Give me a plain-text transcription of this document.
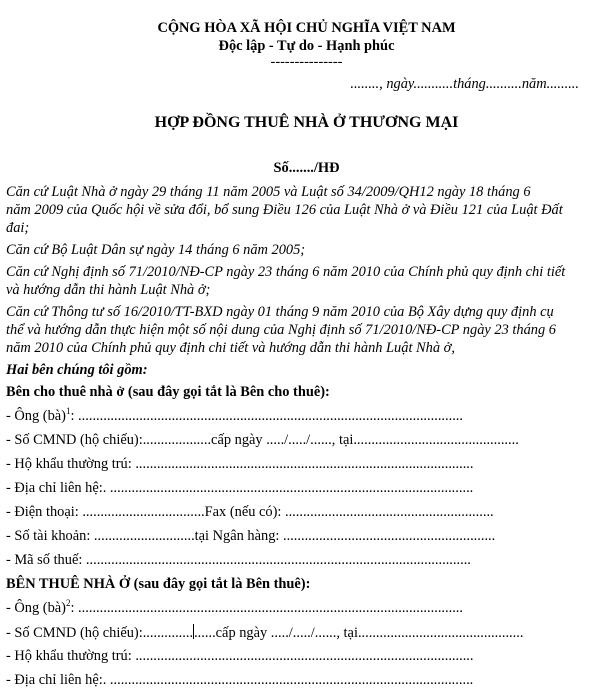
CỘNG HÒA XÃ HỘI CHỦ NGHĨA VIỆT NAM
Độc lập - Tự do - Hạnh phúc
---------------
........, ngày...........tháng..........năm.........
HỢP ĐỒNG THUÊ NHÀ Ở THƯƠNG MẠI
Số......./HĐ
Căn cứ Luật Nhà ở ngày 29 tháng 11 năm 2005 và Luật số 34/2009/QH12 ngày 18 tháng 6
năm 2009 của Quốc hội về sửa đổi, bổ sung Điều 126 của Luật Nhà ở và Điều 121 của Luật Đất
đai;
Căn cứ Bộ Luật Dân sự ngày 14 tháng 6 năm 2005;
Căn cứ Nghị định số 71/2010/NĐ-CP ngày 23 tháng 6 năm 2010 của Chính phủ quy định chi tiết
và hướng dẫn thi hành Luật Nhà ở;
Căn cứ Thông tư số 16/2010/TT-BXD ngày 01 tháng 9 năm 2010 của Bộ Xây dựng quy định cụ
thể và hướng dẫn thực hiện một số nội dung của Nghị định số 71/2010/NĐ-CP ngày 23 tháng 6
năm 2010 của Chính phủ quy định chi tiết và hướng dẫn thi hành Luật Nhà ở,
Hai bên chúng tôi gồm:
Bên cho thuê nhà ở (sau đây gọi tắt là Bên cho thuê):
- Ông (bà)$^1$: ...........................................................................................................
- Số CMND (hộ chiếu):...................cấp ngày ...../...../......, tại..............................................
- Hộ khẩu thường trú: ..............................................................................................
- Địa chỉ liên hệ:. .....................................................................................................
- Điện thoại: ..................................Fax (nếu có): ..........................................................
- Số tài khoản: ............................tại Ngân hàng: ...........................................................
- Mã số thuế: ...........................................................................................................
BÊN THUÊ NHÀ Ở (sau đây gọi tắt là Bên thuê):
- Ông (bà)$^2$: ...........................................................................................................
- Số CMND (hộ chiếu):....................cấp ngày ...../...../......, tại..............................................
- Hộ khẩu thường trú: ..............................................................................................
- Địa chỉ liên hệ:. .....................................................................................................
